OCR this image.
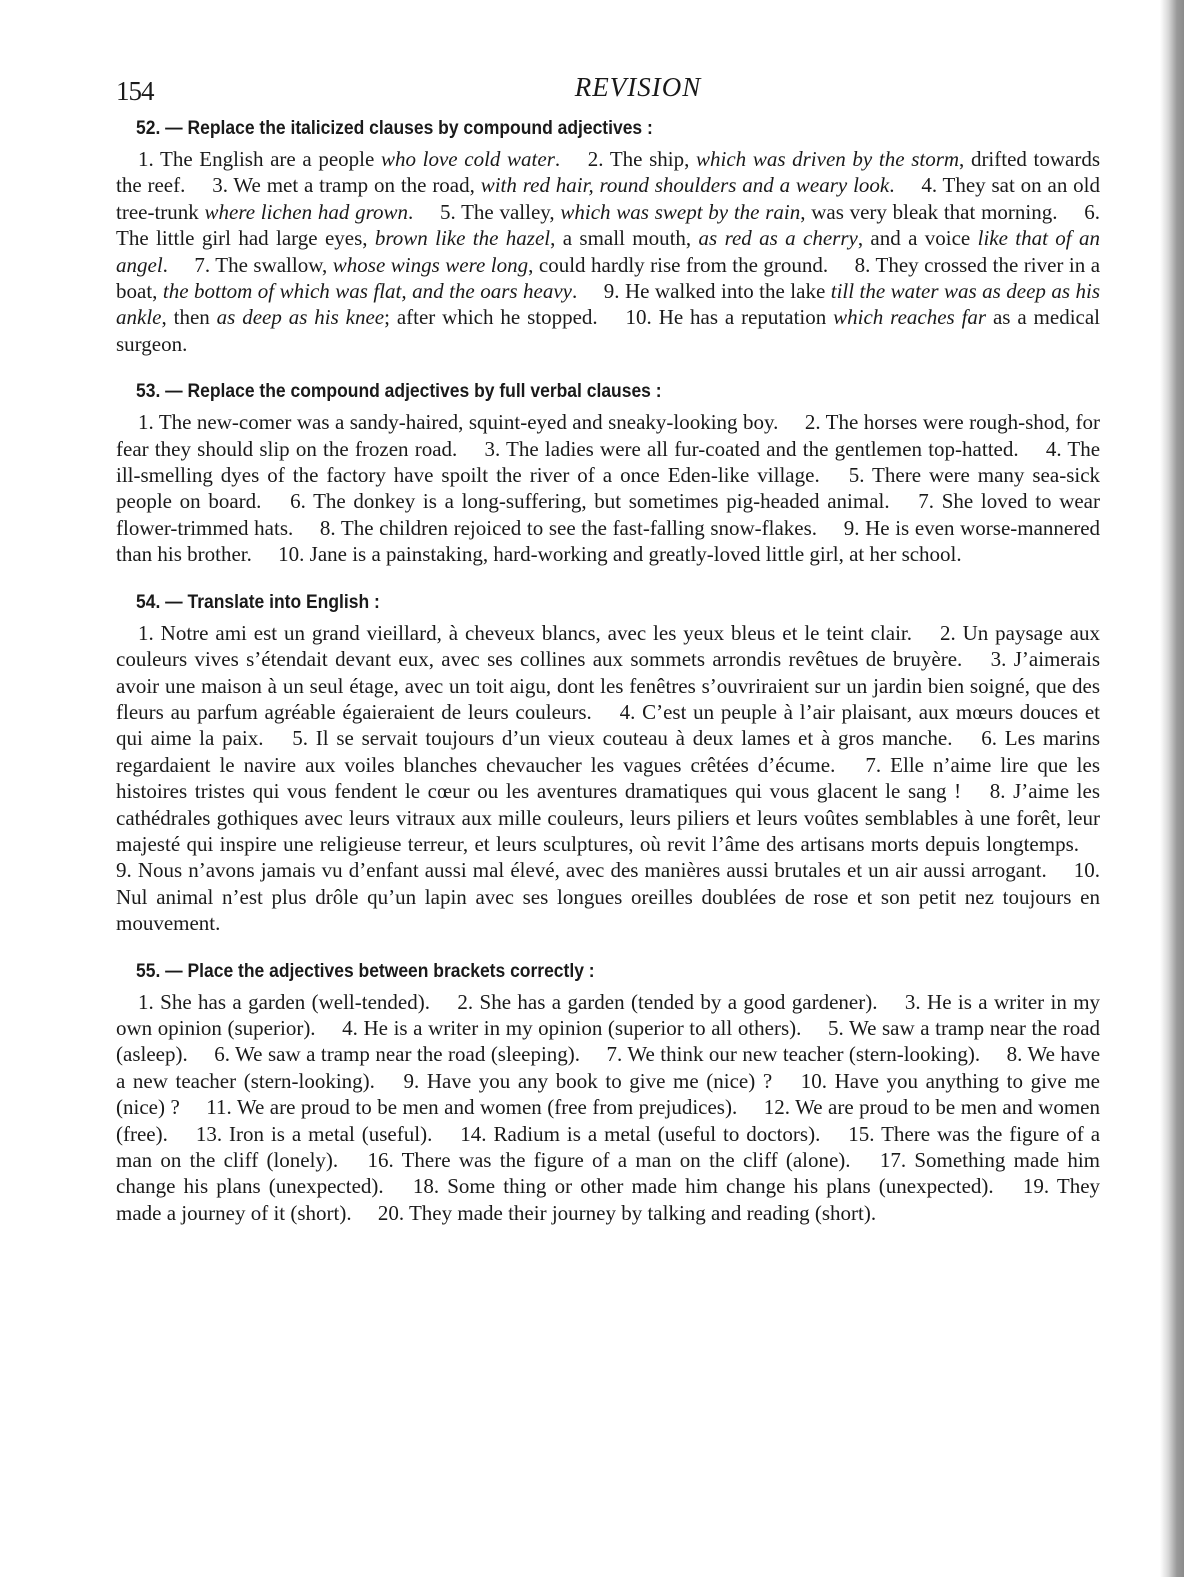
154	REVISION
52. — Replace the italicized clauses by compound adjectives :

1. The English are a people who love cold water.  2. The ship, which was driven by the storm, drifted towards the reef.  3. We met a tramp on the road, with red hair, round shoulders and a weary look.  4. They sat on an old tree-trunk where lichen had grown.  5. The valley, which was swept by the rain, was very bleak that morning.  6. The little girl had large eyes, brown like the hazel, a small mouth, as red as a cherry, and a voice like that of an angel.  7. The swallow, whose wings were long, could hardly rise from the ground.  8. They crossed the river in a boat, the bottom of which was flat, and the oars heavy.  9. He walked into the lake till the water was as deep as his ankle, then as deep as his knee; after which he stopped.  10. He has a reputation which reaches far as a medical surgeon.

53. — Replace the compound adjectives by full verbal clauses :

1. The new-comer was a sandy-haired, squint-eyed and sneaky-looking boy.  2. The horses were rough-shod, for fear they should slip on the frozen road.  3. The ladies were all fur-coated and the gentlemen top-hatted.  4. The ill-smelling dyes of the factory have spoilt the river of a once Eden-like village.  5. There were many sea-sick people on board.  6. The donkey is a long-suffering, but sometimes pig-headed animal.  7. She loved to wear flower-trimmed hats.  8. The children rejoiced to see the fast-falling snow-flakes.  9. He is even worse-mannered than his brother.  10. Jane is a painstaking, hard-working and greatly-loved little girl, at her school.

54. — Translate into English :

1. Notre ami est un grand vieillard, à cheveux blancs, avec les yeux bleus et le teint clair.  2. Un paysage aux couleurs vives s’étendait devant eux, avec ses collines aux sommets arrondis revêtues de bruyère.  3. J’aimerais avoir une maison à un seul étage, avec un toit aigu, dont les fenêtres s’ouvriraient sur un jardin bien soigné, que des fleurs au parfum agréable égaieraient de leurs couleurs.  4. C’est un peuple à l’air plaisant, aux mœurs douces et qui aime la paix.  5. Il se servait toujours d’un vieux couteau à deux lames et à gros manche.  6. Les marins regardaient le navire aux voiles blanches chevaucher les vagues crêtées d’écume.  7. Elle n’aime lire que les histoires tristes qui vous fendent le cœur ou les aventures dramatiques qui vous glacent le sang !  8. J’aime les cathédrales gothiques avec leurs vitraux aux mille couleurs, leurs piliers et leurs voûtes semblables à une forêt, leur majesté qui inspire une religieuse terreur, et leurs sculptures, où revit l’âme des artisans morts depuis longtemps.  9. Nous n’avons jamais vu d’enfant aussi mal élevé, avec des manières aussi brutales et un air aussi arrogant.  10. Nul animal n’est plus drôle qu’un lapin avec ses longues oreilles doublées de rose et son petit nez toujours en mouvement.

55. — Place the adjectives between brackets correctly :

1. She has a garden (well-tended).  2. She has a garden (tended by a good gardener).  3. He is a writer in my own opinion (superior).  4. He is a writer in my opinion (superior to all others).  5. We saw a tramp near the road (asleep).  6. We saw a tramp near the road (sleeping).  7. We think our new teacher (stern-looking).  8. We have a new teacher (stern-looking).  9. Have you any book to give me (nice) ?  10. Have you anything to give me (nice) ?  11. We are proud to be men and women (free from prejudices).  12. We are proud to be men and women (free).  13. Iron is a metal (useful).  14. Radium is a metal (useful to doctors).  15. There was the figure of a man on the cliff (lonely).  16. There was the figure of a man on the cliff (alone).  17. Something made him change his plans (unexpected).  18. Some thing or other made him change his plans (unexpected).  19. They made a journey of it (short).  20. They made their journey by talking and reading (short).
